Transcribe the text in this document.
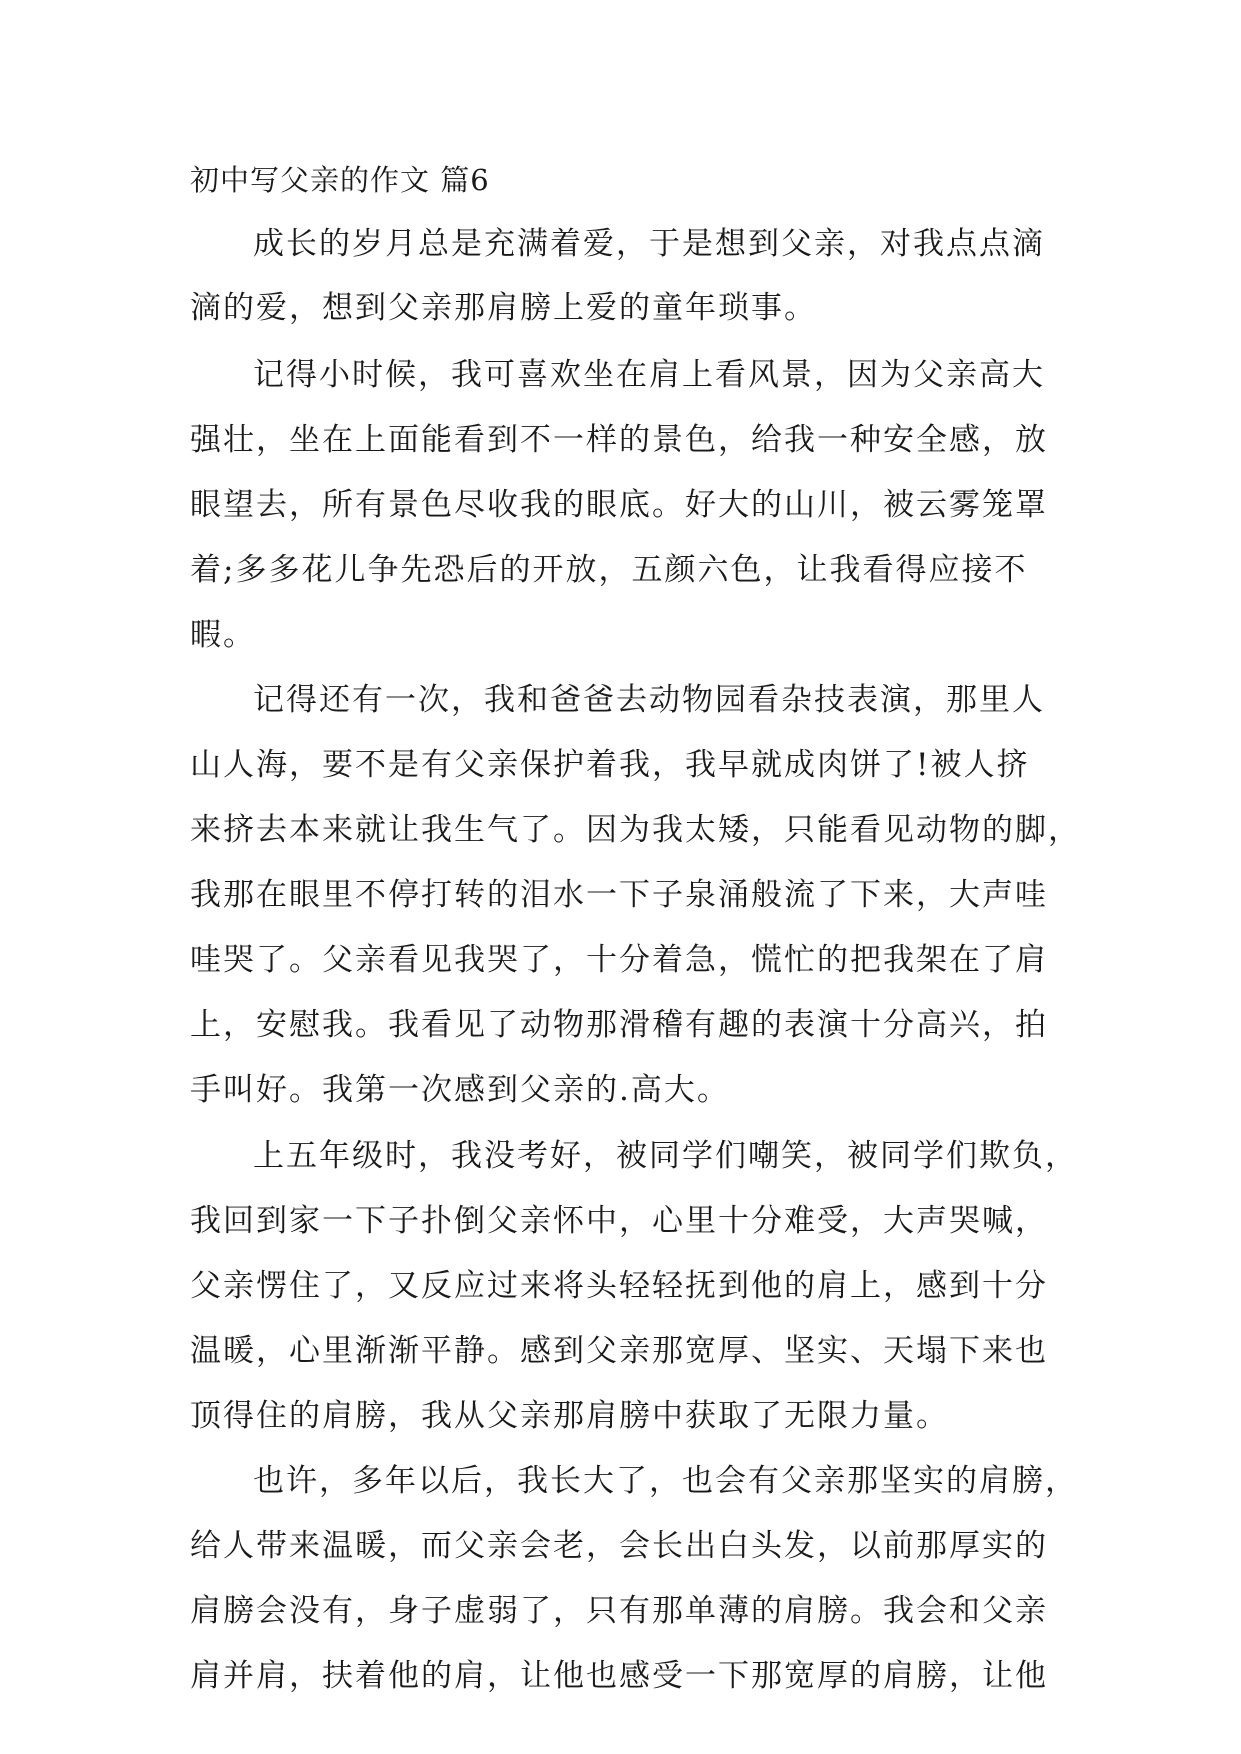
初中写父亲的作文 篇6
成长的岁月总是充满着爱，于是想到父亲，对我点点滴
滴的爱，想到父亲那肩膀上爱的童年琐事。
记得小时候，我可喜欢坐在肩上看风景，因为父亲高大
强壮，坐在上面能看到不一样的景色，给我一种安全感，放
眼望去，所有景色尽收我的眼底。好大的山川，被云雾笼罩
着;多多花儿争先恐后的开放，五颜六色，让我看得应接不
暇。
记得还有一次，我和爸爸去动物园看杂技表演，那里人
山人海，要不是有父亲保护着我，我早就成肉饼了!被人挤
来挤去本来就让我生气了。因为我太矮，只能看见动物的脚，
我那在眼里不停打转的泪水一下子泉涌般流了下来，大声哇
哇哭了。父亲看见我哭了，十分着急，慌忙的把我架在了肩
上，安慰我。我看见了动物那滑稽有趣的表演十分高兴，拍
手叫好。我第一次感到父亲的.高大。
上五年级时，我没考好，被同学们嘲笑，被同学们欺负，
我回到家一下子扑倒父亲怀中，心里十分难受，大声哭喊，
父亲愣住了，又反应过来将头轻轻抚到他的肩上，感到十分
温暖，心里渐渐平静。感到父亲那宽厚、坚实、天塌下来也
顶得住的肩膀，我从父亲那肩膀中获取了无限力量。
也许，多年以后，我长大了，也会有父亲那坚实的肩膀，
给人带来温暖，而父亲会老，会长出白头发，以前那厚实的
肩膀会没有，身子虚弱了，只有那单薄的肩膀。我会和父亲
肩并肩，扶着他的肩，让他也感受一下那宽厚的肩膀，让他
